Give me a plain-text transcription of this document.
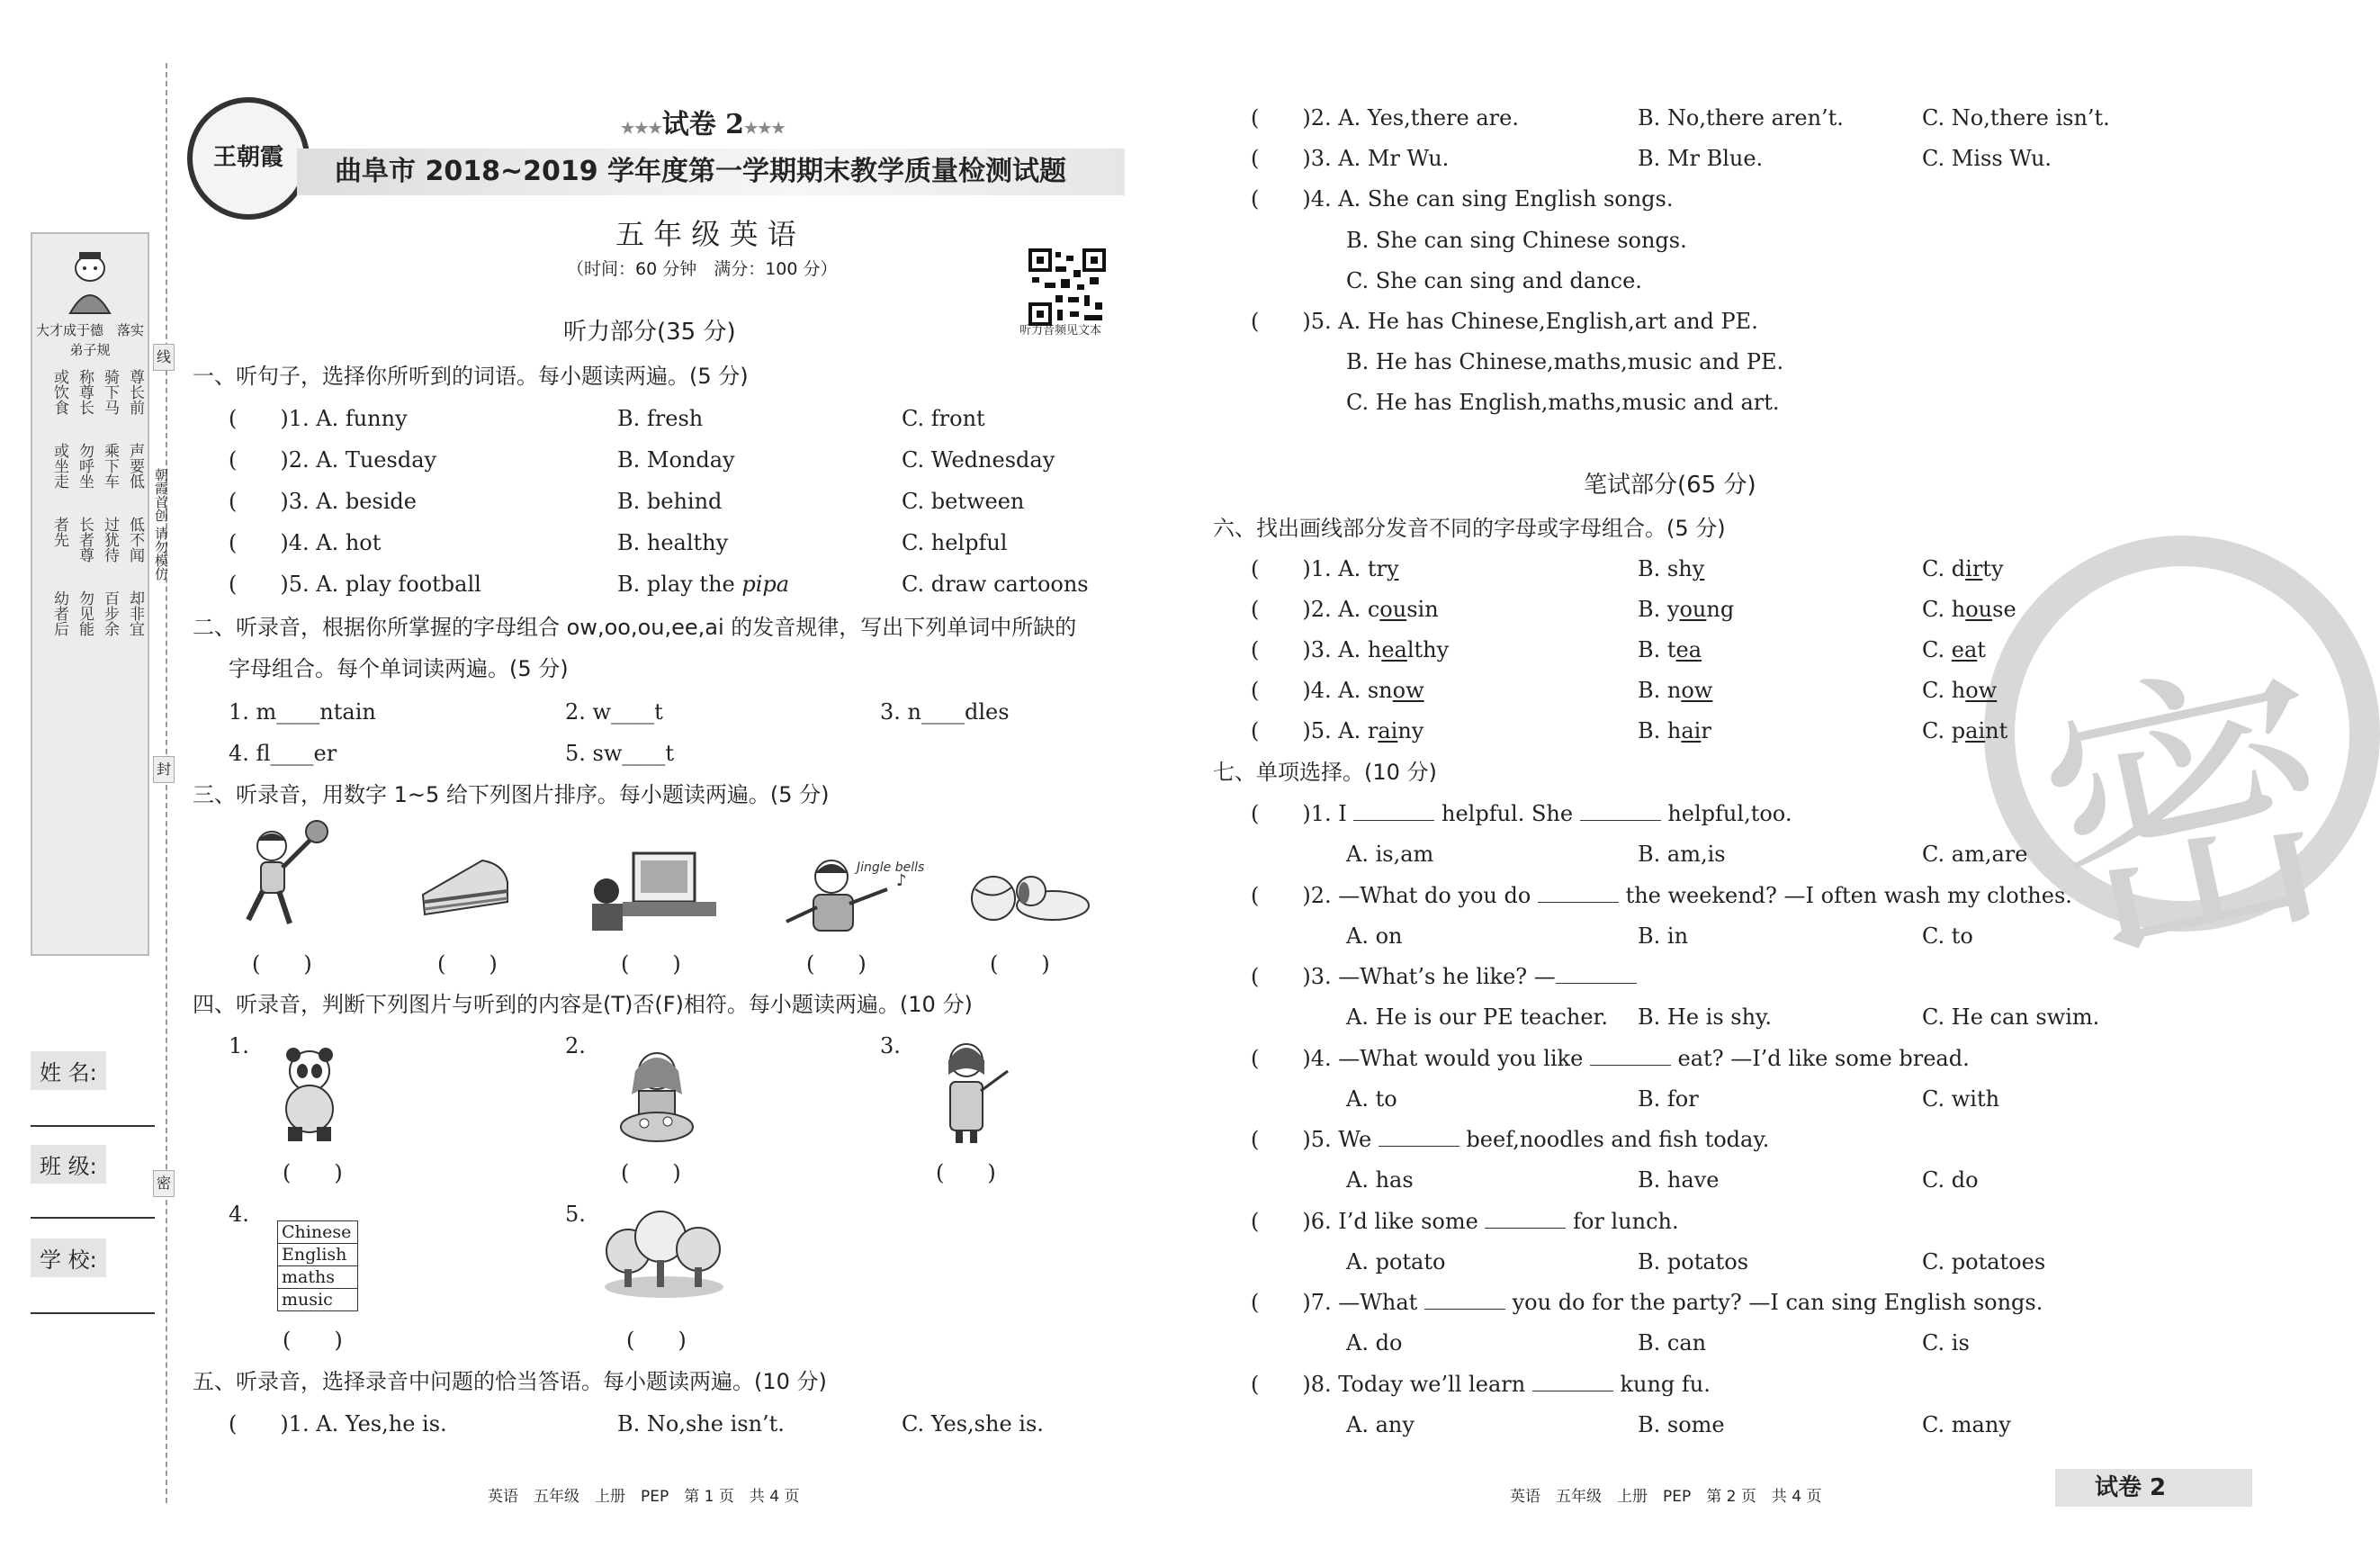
大才成于德　落实弟子规
尊长前
骑下马
称尊长
或饮食
声要低
乘下车
勿呼坐
或坐走
低不闻
过犹待
长者尊
者先
却非宜
百步余
勿见能
幼者后
姓 名:
班 级:
学 校:
线
朝霞首创 请勿模仿
封
密
王朝霞
★★★试卷 2★★★
曲阜市 2018~2019 学年度第一学期期末教学质量检测试题
五 年 级 英 语
（时间：60 分钟　满分：100 分）
听力音频见文本
听力部分(35 分)
一、听句子，选择你所听到的词语。每小题读两遍。(5 分)
(　　)1. A. funny	B. fresh	C. front
(　　)2. A. Tuesday	B. Monday	C. Wednesday
(　　)3. A. beside	B. behind	C. between
(　　)4. A. hot	B. healthy	C. helpful
(　　)5. A. play football	B. play the pipa	C. draw cartoons
二、听录音，根据你所掌握的字母组合 ow,oo,ou,ee,ai 的发音规律，写出下列单词中所缺的
字母组合。每个单词读两遍。(5 分)
1. m____ntain	2. w____t	3. n____dles
4. fl____er	5. sw____t
三、听录音，用数字 1~5 给下列图片排序。每小题读两遍。(5 分)
Jingle bells
♪
(　　)	(　　)	(　　)	(　　)	(　　)
四、听录音，判断下列图片与听到的内容是(T)否(F)相符。每小题读两遍。(10 分)
1.	2.	3.
(　　)	(　　)	(　　)
4.	5.
Chinese
English
maths
music
(　　)	(　　)
五、听录音，选择录音中问题的恰当答语。每小题读两遍。(10 分)
(　　)1. A. Yes,he is.	B. No,she isn’t.	C. Yes,she is.
英语　五年级　上册　PEP　第 1 页　共 4 页
密
(　　)2. A. Yes,there are.	B. No,there aren’t.	C. No,there isn’t.
(　　)3. A. Mr Wu.	B. Mr Blue.	C. Miss Wu.
(　　)4. A. She can sing English songs.
B. She can sing Chinese songs.
C. She can sing and dance.
(　　)5. A. He has Chinese,English,art and PE.
B. He has Chinese,maths,music and PE.
C. He has English,maths,music and art.
笔试部分(65 分)
六、找出画线部分发音不同的字母或字母组合。(5 分)
七、单项选择。(10 分)
英语　五年级　上册　PEP　第 2 页　共 4 页	试卷 2
(　　)1. A. try	B. shy	C. dirty
(　　)2. A. cousin	B. young	C. house
(　　)3. A. healthy	B. tea	C. eat
(　　)4. A. snow	B. now	C. how
(　　)5. A. rainy	B. hair	C. paint
(　　)1. I	helpful. She	helpful,too.
A. is,am	B. am,is	C. am,are
(　　)2. —What do you do	the weekend? —I often wash my clothes.
A. on	B. in	C. to
(　　)3. —What’s he like? —
A. He is our PE teacher. B. He is shy.	C. He can swim.
(　　)4. —What would you like	eat? —I’d like some bread.
A. to	B. for	C. with
(　　)5. We	beef,noodles and fish today.
A. has	B. have	C. do
(　　)6. I’d like some	for lunch.
A. potato	B. potatos	C. potatoes
(　　)7. —What	you do for the party? —I can sing English songs.
A. do	B. can	C. is
(　　)8. Today we’ll learn	kung fu.
A. any	B. some	C. many
